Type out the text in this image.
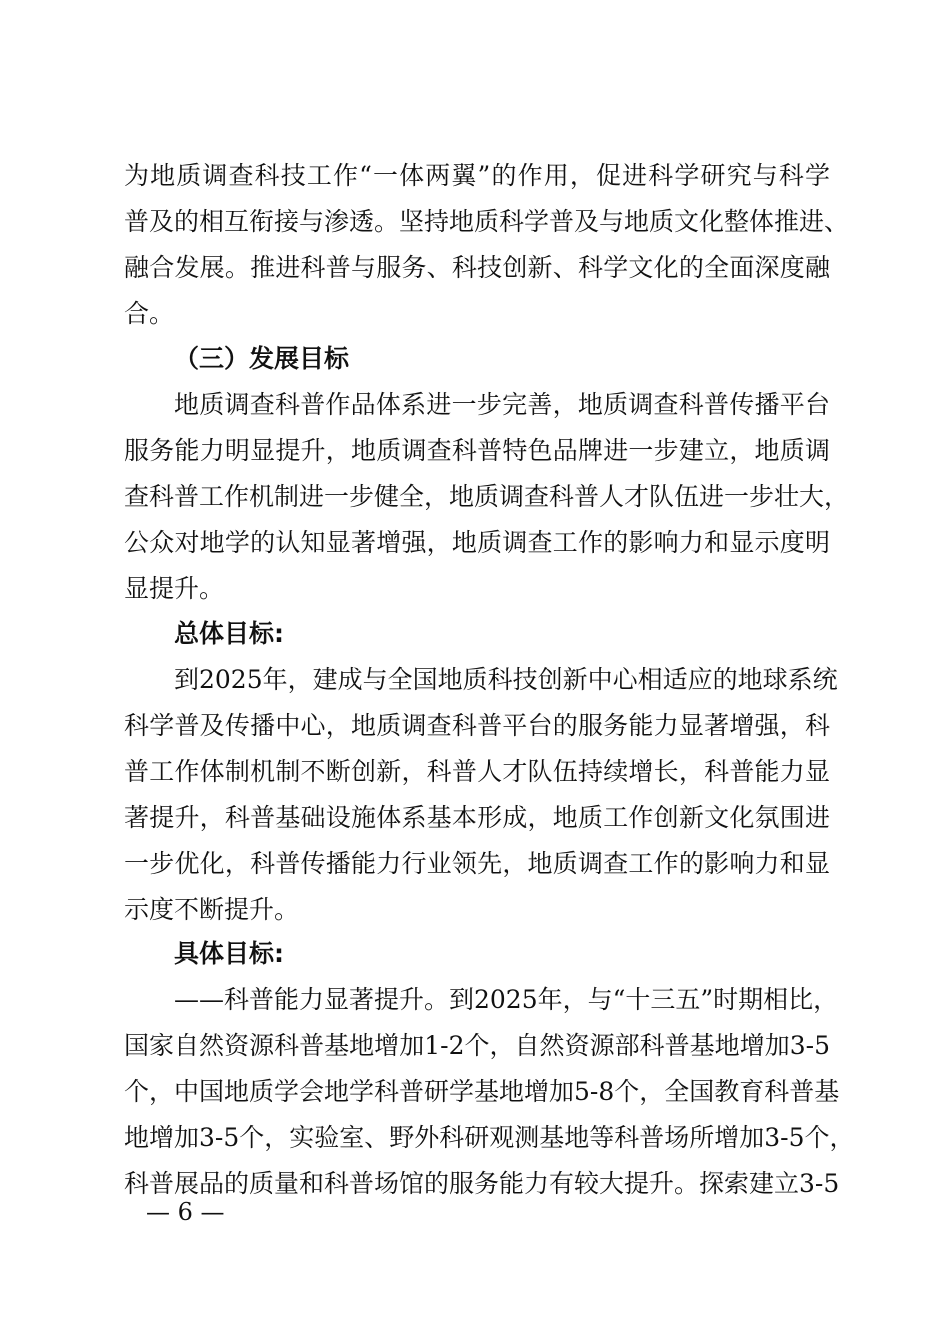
为地质调查科技工作“一体两翼”的作用，促进科学研究与科学
普及的相互衔接与渗透。坚持地质科学普及与地质文化整体推进、
融合发展。推进科普与服务、科技创新、科学文化的全面深度融
合。
（三）发展目标
地质调查科普作品体系进一步完善，地质调查科普传播平台
服务能力明显提升，地质调查科普特色品牌进一步建立，地质调
查科普工作机制进一步健全，地质调查科普人才队伍进一步壮大，
公众对地学的认知显著增强，地质调查工作的影响力和显示度明
显提升。
总体目标:
到2025年，建成与全国地质科技创新中心相适应的地球系统
科学普及传播中心，地质调查科普平台的服务能力显著增强，科
普工作体制机制不断创新，科普人才队伍持续增长，科普能力显
著提升，科普基础设施体系基本形成，地质工作创新文化氛围进
一步优化，科普传播能力行业领先，地质调查工作的影响力和显
示度不断提升。
具体目标:
——科普能力显著提升。到2025年，与“十三五”时期相比，
国家自然资源科普基地增加1-2个，自然资源部科普基地增加3-5
个，中国地质学会地学科普研学基地增加5-8个，全国教育科普基
地增加3-5个，实验室、野外科研观测基地等科普场所增加3-5个，
科普展品的质量和科普场馆的服务能力有较大提升。探索建立3-5
— 6 —
